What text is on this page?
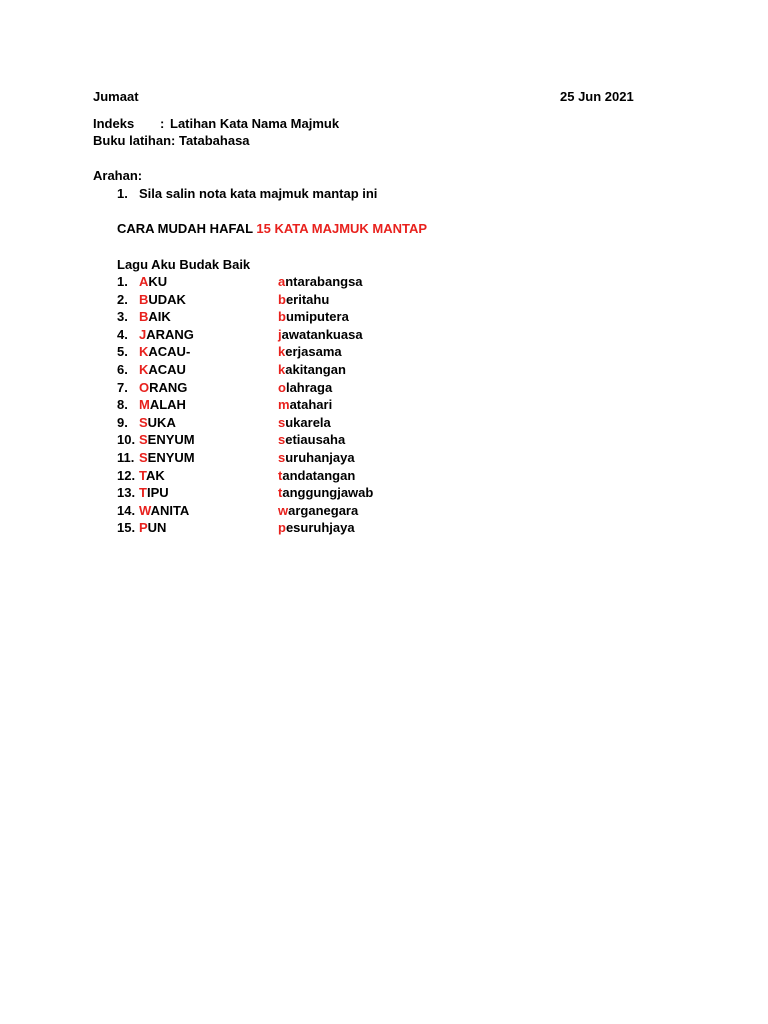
Jumaat	25 Jun 2021
Indeks : Latihan Kata Nama Majmuk
Buku latihan: Tatabahasa
Arahan:
1. Sila salin nota kata majmuk mantap ini
CARA MUDAH HAFAL 15 KATA MAJMUK MANTAP
Lagu Aku Budak Baik
1. AKU	antarabangsa
2. BUDAK	beritahu
3. BAIK	bumiputera
4. JARANG	jawatankuasa
5. KACAU-	kerjasama
6. KACAU	kakitangan
7. ORANG	olahraga
8. MALAH	matahari
9. SUKA	sukarela
10. SENYUM	setiausaha
11. SENYUM	suruhanjaya
12. TAK	tandatangan
13. TIPU	tanggungjawab
14. WANITA	warganegara
15. PUN	pesuruhjaya
